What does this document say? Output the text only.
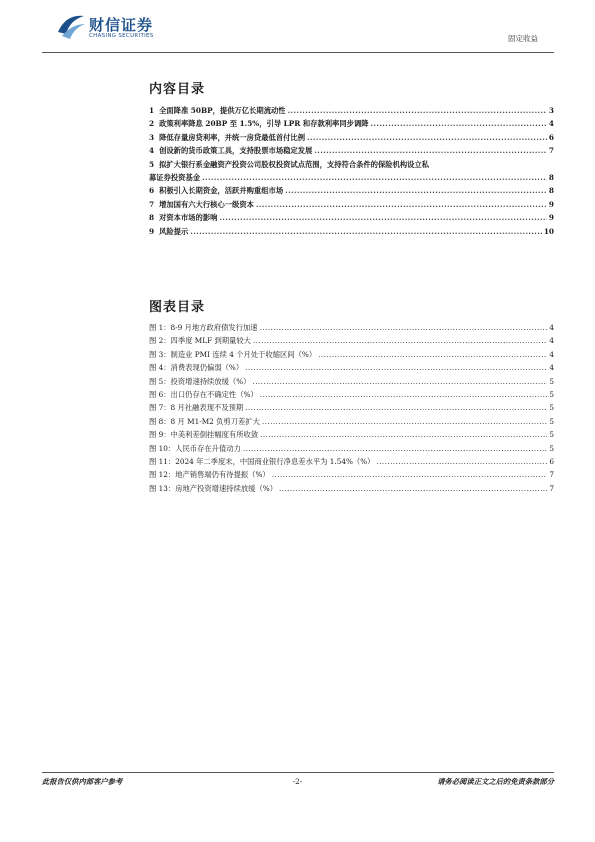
财信证券
CHASING SECURITIES	固定收益
内容目录
1 全面降准 50BP，提供万亿长期流动性 .....	3
2 政策利率降息 20BP 至 1.5%，引导 LPR 和存款利率同步调降 .....	4
3 降低存量房贷利率，并统一房贷最低首付比例 .....	6
4 创设新的货币政策工具，支持股票市场稳定发展 .....	7
5 拟扩大银行系金融资产投资公司股权投资试点范围，支持符合条件的保险机构设立私
募证券投资基金 .....	8
6 积极引入长期资金，活跃并购重组市场 .....	8
7 增加国有六大行核心一级资本 .....	9
8 对资本市场的影响 .....	9
9 风险提示 .....	10
图表目录
图 1：8-9 月地方政府债发行加速 .....	4
图 2：四季度 MLF 到期量较大 .....	4
图 3：制造业 PMI 连续 4 个月处于收缩区间（%） .....	4
图 4：消费表现仍偏弱（%） .....	4
图 5：投资增速持续放缓（%） .....	5
图 6：出口仍存在不确定性（%） .....	5
图 7：8 月社融表现不及预期 .....	5
图 8：8 月 M1-M2 负剪刀差扩大 .....	5
图 9：中美利差倒挂幅度有所收敛 .....	5
图 10：人民币存在升值动力 .....	5
图 11：2024 年二季度末，中国商业银行净息差水平为 1.54%（%） .....	6
图 12：地产销售端仍有待提振（%） .....	7
图 13：房地产投资增速持续放缓（%） .....	7
此报告仅供内部客户参考	-2-	请务必阅读正文之后的免责条款部分
